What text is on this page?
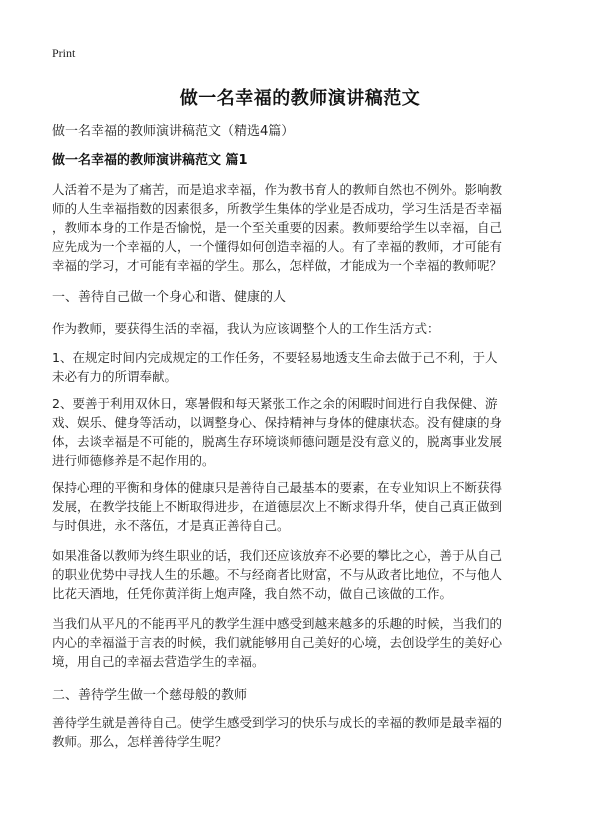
Print
做一名幸福的教师演讲稿范文
做一名幸福的教师演讲稿范文（精选4篇）
做一名幸福的教师演讲稿范文 篇1

人活着不是为了痛苦，而是追求幸福，作为教书育人的教师自然也不例外。影响教
师的人生幸福指数的因素很多，所教学生集体的学业是否成功，学习生活是否幸福
，教师本身的工作是否愉悦，是一个至关重要的因素。教师要给学生以幸福，自己
应先成为一个幸福的人，一个懂得如何创造幸福的人。有了幸福的教师，才可能有
幸福的学习，才可能有幸福的学生。那么，怎样做，才能成为一个幸福的教师呢？

一、善待自己做一个身心和谐、健康的人

作为教师，要获得生活的幸福，我认为应该调整个人的工作生活方式：

1、在规定时间内完成规定的工作任务，不要轻易地透支生命去做于己不利，于人
未必有力的所谓奉献。

2、要善于利用双休日，寒暑假和每天紧张工作之余的闲暇时间进行自我保健、游
戏、娱乐、健身等活动，以调整身心、保持精神与身体的健康状态。没有健康的身
体，去谈幸福是不可能的，脱离生存环境谈师德问题是没有意义的，脱离事业发展
进行师德修养是不起作用的。

保持心理的平衡和身体的健康只是善待自己最基本的要素，在专业知识上不断获得
发展，在教学技能上不断取得进步，在道德层次上不断求得升华，使自己真正做到
与时俱进，永不落伍，才是真正善待自己。

如果准备以教师为终生职业的话，我们还应该放弃不必要的攀比之心，善于从自己
的职业优势中寻找人生的乐趣。不与经商者比财富，不与从政者比地位，不与他人
比花天酒地，任凭你黄洋街上炮声隆，我自然不动，做自己该做的工作。

当我们从平凡的不能再平凡的教学生涯中感受到越来越多的乐趣的时候，当我们的
内心的幸福溢于言表的时候，我们就能够用自己美好的心境，去创设学生的美好心
境，用自己的幸福去营造学生的幸福。

二、善待学生做一个慈母般的教师

善待学生就是善待自己。使学生感受到学习的快乐与成长的幸福的教师是最幸福的
教师。那么，怎样善待学生呢？
